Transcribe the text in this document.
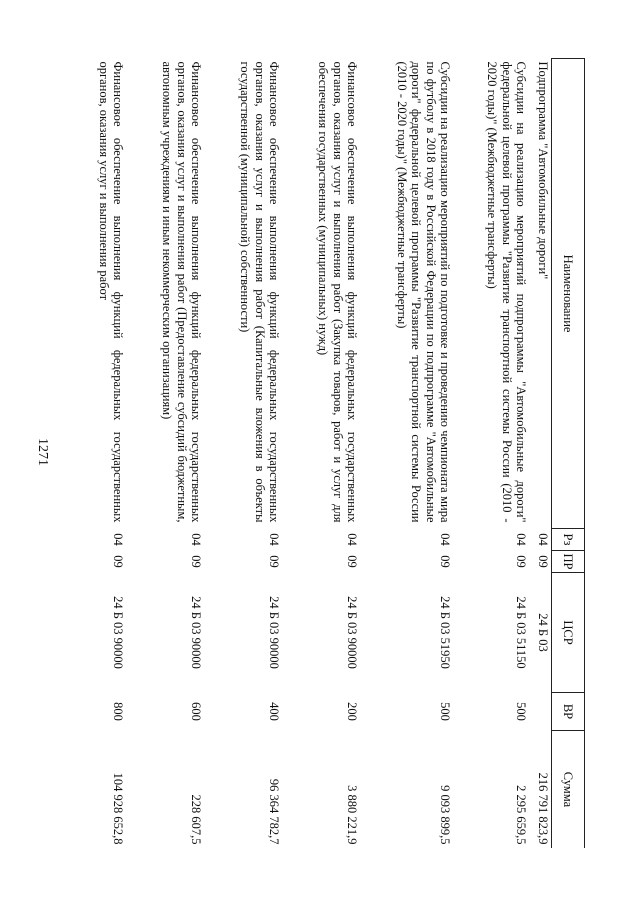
1271
Наименование	Рз	ПР	ЦСР	ВР	Сумма
Подпрограмма "Автомобильные дороги"	04	09	24 Б 03		216 791 823,9
Субсидии на реализацию мероприятий подпрограммы "Автомобильные дороги" федеральной целевой программы "Развитие транспортной системы России (2010 - 2020 годы)" (Межбюджетные трансферты)	04	09	24 Б 03 51150	500	2 295 659,5
Субсидии на реализацию мероприятий по подготовке и проведению чемпионата мира по футболу в 2018 году в Российской Федерации по подпрограмме "Автомобильные дороги" федеральной целевой программы "Развитие транспортной системы России (2010 - 2020 годы)" (Межбюджетные трансферты)	04	09	24 Б 03 51950	500	9 093 899,5
Финансовое обеспечение выполнения функций федеральных государственных органов, оказания услуг и выполнения работ (Закупка товаров, работ и услуг для обеспечения государственных (муниципальных) нужд)	04	09	24 Б 03 90000	200	3 880 221,9
Финансовое обеспечение выполнения функций федеральных государственных органов, оказания услуг и выполнения работ (Капитальные вложения в объекты государственной (муниципальной) собственности)	04	09	24 Б 03 90000	400	96 364 782,7
Финансовое обеспечение выполнения функций федеральных государственных органов, оказания услуг и выполнения работ (Предоставление субсидий бюджетным, автономным учреждениям и иным некоммерческим организациям)	04	09	24 Б 03 90000	600	228 607,5
Финансовое обеспечение выполнения функций федеральных государственных органов, оказания услуг и выполнения работ	04	09	24 Б 03 90000	800	104 928 652,8
